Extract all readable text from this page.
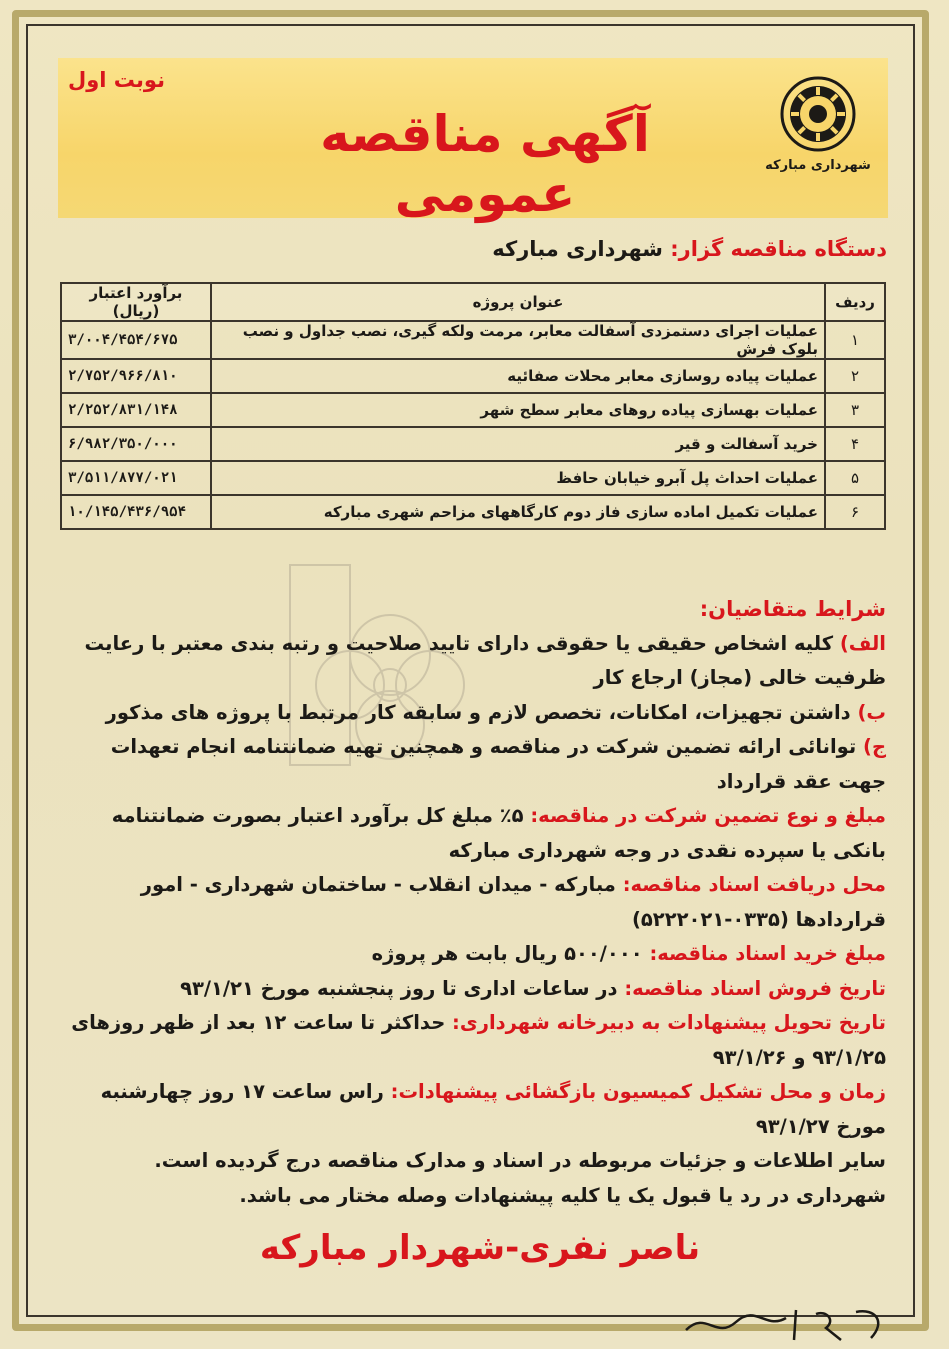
نوبت اول
آگهی مناقصه عمومی	شهرداری مبارکه
دستگاه مناقصه گزار: شهرداری مبارکه
ردیف	عنوان پروژه	برآورد اعتبار (ریال)
۱	عملیات اجرای دستمزدی آسفالت معابر، مرمت ولکه گیری، نصب جداول و نصب بلوک فرش	۳/۰۰۴/۴۵۴/۶۷۵
۲	عملیات پیاده روسازی معابر محلات صفائیه	۲/۷۵۲/۹۶۶/۸۱۰
۳	عملیات بهسازی پیاده روهای معابر سطح شهر	۲/۲۵۲/۸۳۱/۱۴۸
۴	خرید آسفالت و قیر	۶/۹۸۲/۳۵۰/۰۰۰
۵	عملیات احداث پل آبرو خیابان حافظ	۳/۵۱۱/۸۷۷/۰۲۱
۶	عملیات تکمیل اماده سازی فاز دوم کارگاههای مزاحم شهری مبارکه	۱۰/۱۴۵/۴۳۶/۹۵۴

شرایط متقاضیان:

الف) کلیه اشخاص حقیقی یا حقوقی دارای تایید صلاحیت و رتبه بندی معتبر با رعایت ظرفیت خالی (مجاز) ارجاع کار

ب) داشتن تجهیزات، امکانات، تخصص لازم و سابقه کار مرتبط با پروژه های مذکور

ج) توانائی ارائه تضمین شرکت در مناقصه و همچنین تهیه ضمانتنامه انجام تعهدات جهت عقد قرارداد

مبلغ و نوع تضمین شرکت در مناقصه: ۵٪ مبلغ کل برآورد اعتبار بصورت ضمانتنامه بانکی یا سپرده نقدی در وجه شهرداری مبارکه

محل دریافت اسناد مناقصه: مبارکه - میدان انقلاب - ساختمان شهرداری - امور قراردادها (۰۳۳۵-۵۲۲۲۰۲۱)

مبلغ خرید اسناد مناقصه: ۵۰۰/۰۰۰ ریال بابت هر پروژه

تاریخ فروش اسناد مناقصه: در ساعات اداری تا روز پنجشنبه مورخ ۹۳/۱/۲۱

تاریخ تحویل پیشنهادات به دبیرخانه شهرداری: حداکثر تا ساعت ۱۲ بعد از ظهر روزهای ۹۳/۱/۲۵ و ۹۳/۱/۲۶

زمان و محل تشکیل کمیسیون بازگشائی پیشنهادات: راس ساعت ۱۷ روز چهارشنبه مورخ ۹۳/۱/۲۷

سایر اطلاعات و جزئیات مربوطه در اسناد و مدارک مناقصه درج گردیده است.

شهرداری در رد یا قبول یک یا کلیه پیشنهادات وصله مختار می باشد.

ناصر نفری-شهردار مبارکه
